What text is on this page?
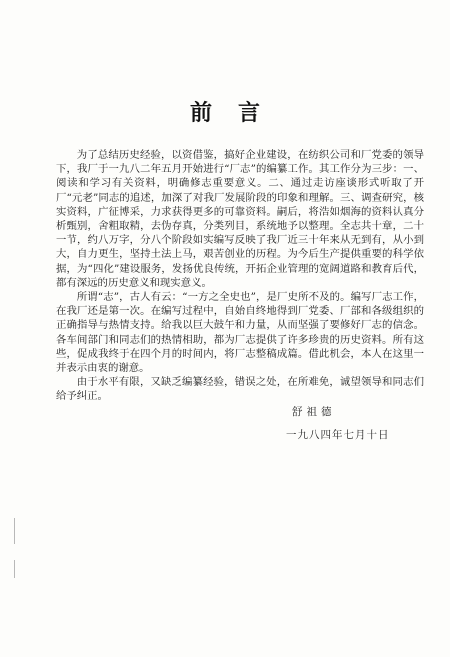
前言

为了总结历史经验，以资借鉴，搞好企业建设，在纺织公司和厂党委的领导下，我厂于一九八二年五月开始进行“厂志”的编纂工作。其工作分为三步：一、阅读和学习有关资料，明确修志重要意义。二、通过走访座谈形式听取了开厂“元老”同志的追述，加深了对我厂发展阶段的印象和理解。三、调查研究，核实资料，广征博采，力求获得更多的可靠资料。嗣后，将浩如烟海的资料认真分析甄别，舍粗取精，去伪存真，分类列目，系统地予以整理。全志共十章，二十一节，约八万字，分八个阶段如实编写反映了我厂近三十年来从无到有，从小到大，自力更生，坚持土法上马，艰苦创业的历程。为今后生产提供重要的科学依据，为“四化”建设服务，发扬优良传统，开拓企业管理的宽阔道路和教育后代，都有深远的历史意义和现实意义。

所谓“志”，古人有云：“一方之全史也”，是厂史所不及的。编写厂志工作，在我厂还是第一次。在编写过程中，自始自终地得到厂党委、厂部和各级组织的正确指导与热情支持。给我以巨大鼓午和力量，从而坚强了要修好厂志的信念。各车间部门和同志们的热情相助，都为厂志提供了许多珍贵的历史资料。所有这些，促成我终于在四个月的时间内，将厂志整稿成篇。借此机会，本人在这里一并表示由衷的谢意。

由于水平有限，又缺乏编纂经验，错误之处，在所难免，诚望领导和同志们给予纠正。

舒祖德
一九八四年七月十日
